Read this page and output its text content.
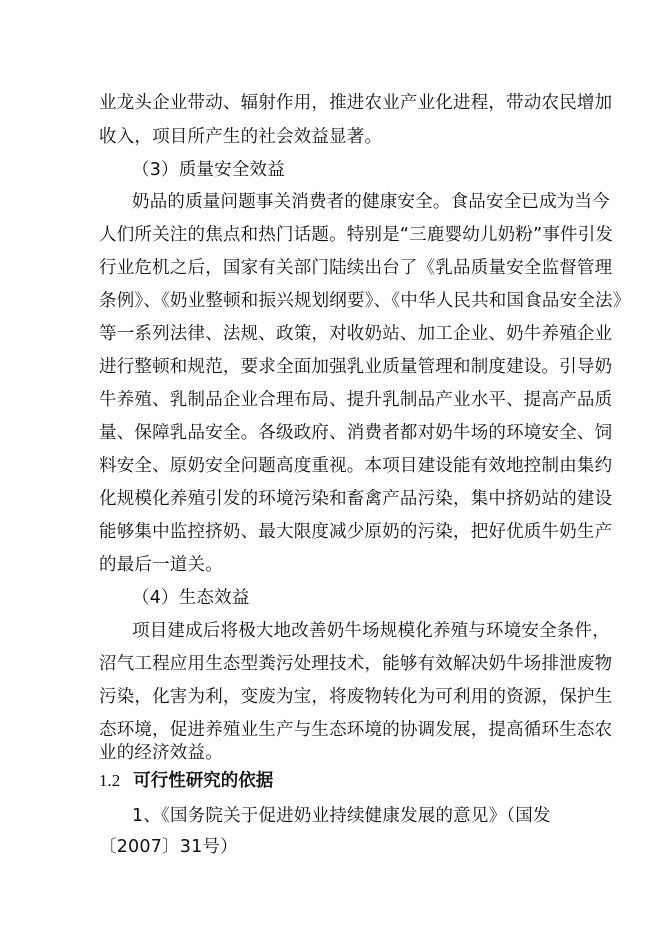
业龙头企业带动、辐射作用，推进农业产业化进程，带动农民增加
收入，项目所产生的社会效益显著。
（3）质量安全效益
奶品的质量问题事关消费者的健康安全。食品安全已成为当今
人们所关注的焦点和热门话题。特别是“三鹿婴幼儿奶粉”事件引发
行业危机之后，国家有关部门陆续出台了《乳品质量安全监督管理
条例》、《奶业整顿和振兴规划纲要》、《中华人民共和国食品安全法》
等一系列法律、法规、政策，对收奶站、加工企业、奶牛养殖企业
进行整顿和规范，要求全面加强乳业质量管理和制度建设。引导奶
牛养殖、乳制品企业合理布局、提升乳制品产业水平、提高产品质
量、保障乳品安全。各级政府、消费者都对奶牛场的环境安全、饲
料安全、原奶安全问题高度重视。本项目建设能有效地控制由集约
化规模化养殖引发的环境污染和畜禽产品污染，集中挤奶站的建设
能够集中监控挤奶、最大限度减少原奶的污染，把好优质牛奶生产
的最后一道关。
（4）生态效益
项目建成后将极大地改善奶牛场规模化养殖与环境安全条件，
沼气工程应用生态型粪污处理技术，能够有效解决奶牛场排泄废物
污染，化害为利，变废为宝，将废物转化为可利用的资源，保护生
态环境，促进养殖业生产与生态环境的协调发展，提高循环生态农
业的经济效益。
1.2 可行性研究的依据
1、《国务院关于促进奶业持续健康发展的意见》（国发
〔2007〕31号）
